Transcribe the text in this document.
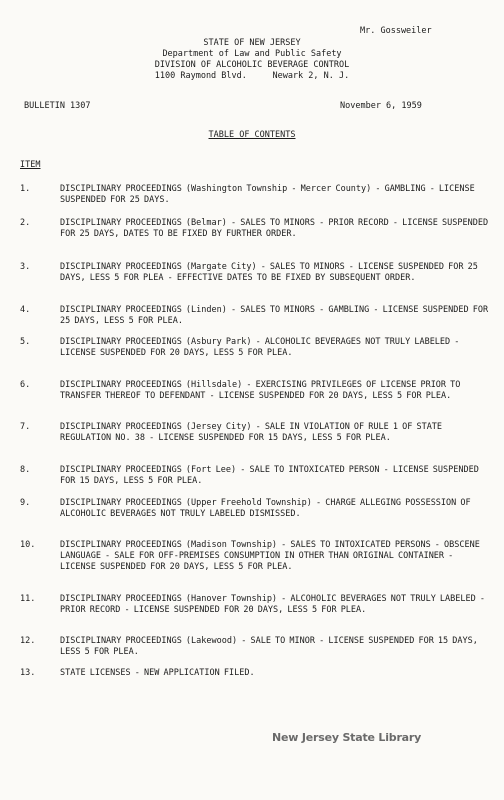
Mr. Gossweiler
STATE OF NEW JERSEY
Department of Law and Public Safety
DIVISION OF ALCOHOLIC BEVERAGE CONTROL
1100 Raymond Blvd.     Newark 2, N. J.
BULLETIN 1307	November 6, 1959
TABLE OF CONTENTS
ITEM
1.	DISCIPLINARY PROCEEDINGS (Washington Township - Mercer County) - GAMBLING - LICENSE SUSPENDED FOR 25 DAYS.
2.	DISCIPLINARY PROCEEDINGS (Belmar) - SALES TO MINORS - PRIOR RECORD - LICENSE SUSPENDED FOR 25 DAYS, DATES TO BE FIXED BY FURTHER ORDER.
3.	DISCIPLINARY PROCEEDINGS (Margate City) - SALES TO MINORS - LICENSE SUSPENDED FOR 25 DAYS, LESS 5 FOR PLEA - EFFECTIVE DATES TO BE FIXED BY SUBSEQUENT ORDER.
4.	DISCIPLINARY PROCEEDINGS (Linden) - SALES TO MINORS - GAMBLING - LICENSE SUSPENDED FOR 25 DAYS, LESS 5 FOR PLEA.
5.	DISCIPLINARY PROCEEDINGS (Asbury Park) - ALCOHOLIC BEVERAGES NOT TRULY LABELED - LICENSE SUSPENDED FOR 20 DAYS, LESS 5 FOR PLEA.
6.	DISCIPLINARY PROCEEDINGS (Hillsdale) - EXERCISING PRIVILEGES OF LICENSE PRIOR TO TRANSFER THEREOF TO DEFENDANT - LICENSE SUSPENDED FOR 20 DAYS, LESS 5 FOR PLEA.
7.	DISCIPLINARY PROCEEDINGS (Jersey City) - SALE IN VIOLATION OF RULE 1 OF STATE REGULATION NO. 38 - LICENSE SUSPENDED FOR 15 DAYS, LESS 5 FOR PLEA.
8.	DISCIPLINARY PROCEEDINGS (Fort Lee) - SALE TO INTOXICATED PERSON - LICENSE SUSPENDED FOR 15 DAYS, LESS 5 FOR PLEA.
9.	DISCIPLINARY PROCEEDINGS (Upper Freehold Township) - CHARGE ALLEGING POSSESSION OF ALCOHOLIC BEVERAGES NOT TRULY LABELED DISMISSED.
10.	DISCIPLINARY PROCEEDINGS (Madison Township) - SALES TO INTOXICATED PERSONS - OBSCENE LANGUAGE - SALE FOR OFF-PREMISES CONSUMPTION IN OTHER THAN ORIGINAL CONTAINER - LICENSE SUSPENDED FOR 20 DAYS, LESS 5 FOR PLEA.
11.	DISCIPLINARY PROCEEDINGS (Hanover Township) - ALCOHOLIC BEVERAGES NOT TRULY LABELED - PRIOR RECORD - LICENSE SUSPENDED FOR 20 DAYS, LESS 5 FOR PLEA.
12.	DISCIPLINARY PROCEEDINGS (Lakewood) - SALE TO MINOR - LICENSE SUSPENDED FOR 15 DAYS, LESS 5 FOR PLEA.
13.	STATE LICENSES - NEW APPLICATION FILED.
New Jersey State Library
